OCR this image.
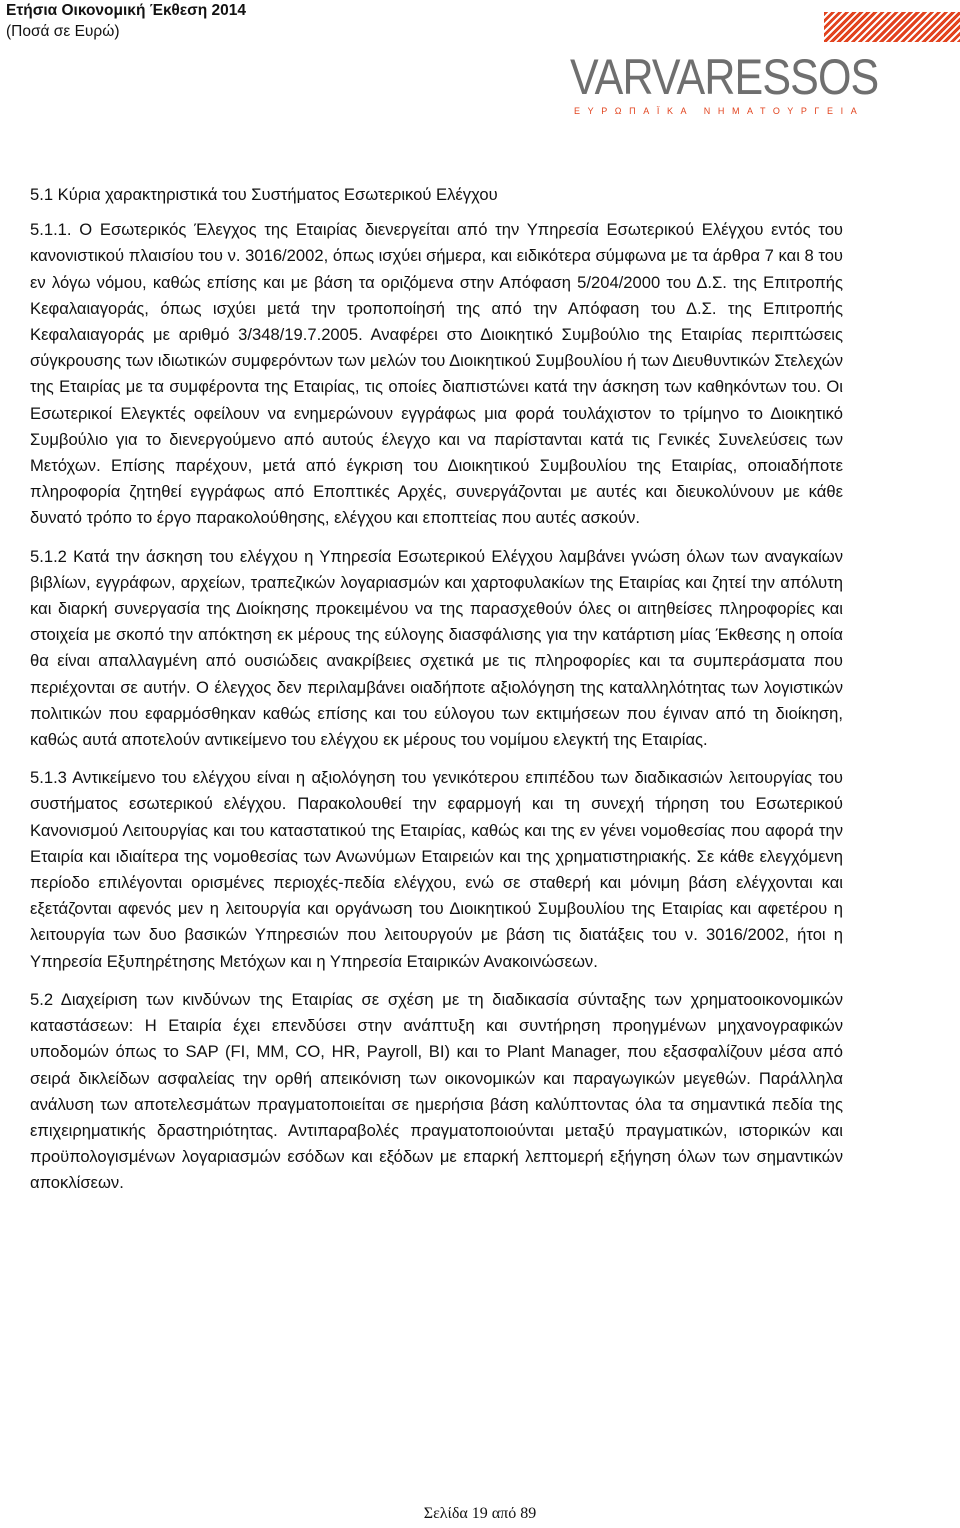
Ετήσια Οικονομική Έκθεση 2014
(Ποσά σε Ευρώ)
VARVARESSOS
ΕΥΡΩΠΑΪΚΑ ΝΗΜΑΤΟΥΡΓΕΙΑ

5.1 Κύρια χαρακτηριστικά του Συστήματος Εσωτερικού Ελέγχου

5.1.1. Ο Εσωτερικός Έλεγχος της Εταιρίας διενεργείται από την Υπηρεσία Εσωτερικού Ελέγχου εντός του κανονιστικού πλαισίου του ν. 3016/2002, όπως ισχύει σήμερα, και ειδικότερα σύμφωνα με τα άρθρα 7 και 8 του εν λόγω νόμου, καθώς επίσης και με βάση τα οριζόμενα στην Απόφαση 5/204/2000 του Δ.Σ. της Επιτροπής Κεφαλαιαγοράς, όπως ισχύει μετά την τροποποίησή της από την Απόφαση του Δ.Σ. της Επιτροπής Κεφαλαιαγοράς με αριθμό 3/348/19.7.2005. Αναφέρει στο Διοικητικό Συμβούλιο της Εταιρίας περιπτώσεις σύγκρουσης των ιδιωτικών συμφερόντων των μελών του Διοικητικού Συμβουλίου ή των Διευθυντικών Στελεχών της Εταιρίας με τα συμφέροντα της Εταιρίας, τις οποίες διαπιστώνει κατά την άσκηση των καθηκόντων του. Οι Εσωτερικοί Ελεγκτές οφείλουν να ενημερώνουν εγγράφως μια φορά τουλάχιστον το τρίμηνο το Διοικητικό Συμβούλιο για το διενεργούμενο από αυτούς έλεγχο και να παρίστανται κατά τις Γενικές Συνελεύσεις των Μετόχων. Επίσης παρέχουν, μετά από έγκριση του Διοικητικού Συμβουλίου της Εταιρίας, οποιαδήποτε πληροφορία ζητηθεί εγγράφως από Εποπτικές Αρχές, συνεργάζονται με αυτές και διευκολύνουν με κάθε δυνατό τρόπο το έργο παρακολούθησης, ελέγχου και εποπτείας που αυτές ασκούν.

5.1.2 Κατά την άσκηση του ελέγχου η Υπηρεσία Εσωτερικού Ελέγχου λαμβάνει γνώση όλων των αναγκαίων βιβλίων, εγγράφων, αρχείων, τραπεζικών λογαριασμών και χαρτοφυλακίων της Εταιρίας και ζητεί την απόλυτη και διαρκή συνεργασία της Διοίκησης προκειμένου να της παρασχεθούν όλες οι αιτηθείσες πληροφορίες και στοιχεία με σκοπό την απόκτηση εκ μέρους της εύλογης διασφάλισης για την κατάρτιση μίας Έκθεσης η οποία θα είναι απαλλαγμένη από ουσιώδεις ανακρίβειες σχετικά με τις πληροφορίες και τα συμπεράσματα που περιέχονται σε αυτήν. Ο έλεγχος δεν περιλαμβάνει οιαδήποτε αξιολόγηση της καταλληλότητας των λογιστικών πολιτικών που εφαρμόσθηκαν καθώς επίσης και του εύλογου των εκτιμήσεων που έγιναν από τη διοίκηση, καθώς αυτά αποτελούν αντικείμενο του ελέγχου εκ μέρους του νομίμου ελεγκτή της Εταιρίας.

5.1.3 Αντικείμενο του ελέγχου είναι η αξιολόγηση του γενικότερου επιπέδου των διαδικασιών λειτουργίας του συστήματος εσωτερικού ελέγχου. Παρακολουθεί την εφαρμογή και τη συνεχή τήρηση του Εσωτερικού Κανονισμού Λειτουργίας και του καταστατικού της Εταιρίας, καθώς και της εν γένει νομοθεσίας που αφορά την Εταιρία και ιδιαίτερα της νομοθεσίας των Ανωνύμων Εταιρειών και της χρηματιστηριακής. Σε κάθε ελεγχόμενη περίοδο επιλέγονται ορισμένες περιοχές-πεδία ελέγχου, ενώ σε σταθερή και μόνιμη βάση ελέγχονται και εξετάζονται αφενός μεν η λειτουργία και οργάνωση του Διοικητικού Συμβουλίου της Εταιρίας και αφετέρου η λειτουργία των δυο βασικών Υπηρεσιών που λειτουργούν με βάση τις διατάξεις του ν. 3016/2002, ήτοι η Υπηρεσία Εξυπηρέτησης Μετόχων και η Υπηρεσία Εταιρικών Ανακοινώσεων.

5.2 Διαχείριση των κινδύνων της Εταιρίας σε σχέση με τη διαδικασία σύνταξης των χρηματοοικονομικών καταστάσεων: Η Εταιρία έχει επενδύσει στην ανάπτυξη και συντήρηση προηγμένων μηχανογραφικών υποδομών όπως το SAP (FI, MM, CO, HR, Payroll, BI) και το Plant Manager, που εξασφαλίζουν μέσα από σειρά δικλείδων ασφαλείας την ορθή απεικόνιση των οικονομικών και παραγωγικών μεγεθών. Παράλληλα ανάλυση των αποτελεσμάτων πραγματοποιείται σε ημερήσια βάση καλύπτοντας όλα τα σημαντικά πεδία της επιχειρηματικής δραστηριότητας. Αντιπαραβολές πραγματοποιούνται μεταξύ πραγματικών, ιστορικών και προϋπολογισμένων λογαριασμών εσόδων και εξόδων με επαρκή λεπτομερή εξήγηση όλων των σημαντικών αποκλίσεων.

Σελίδα 19 από 89
